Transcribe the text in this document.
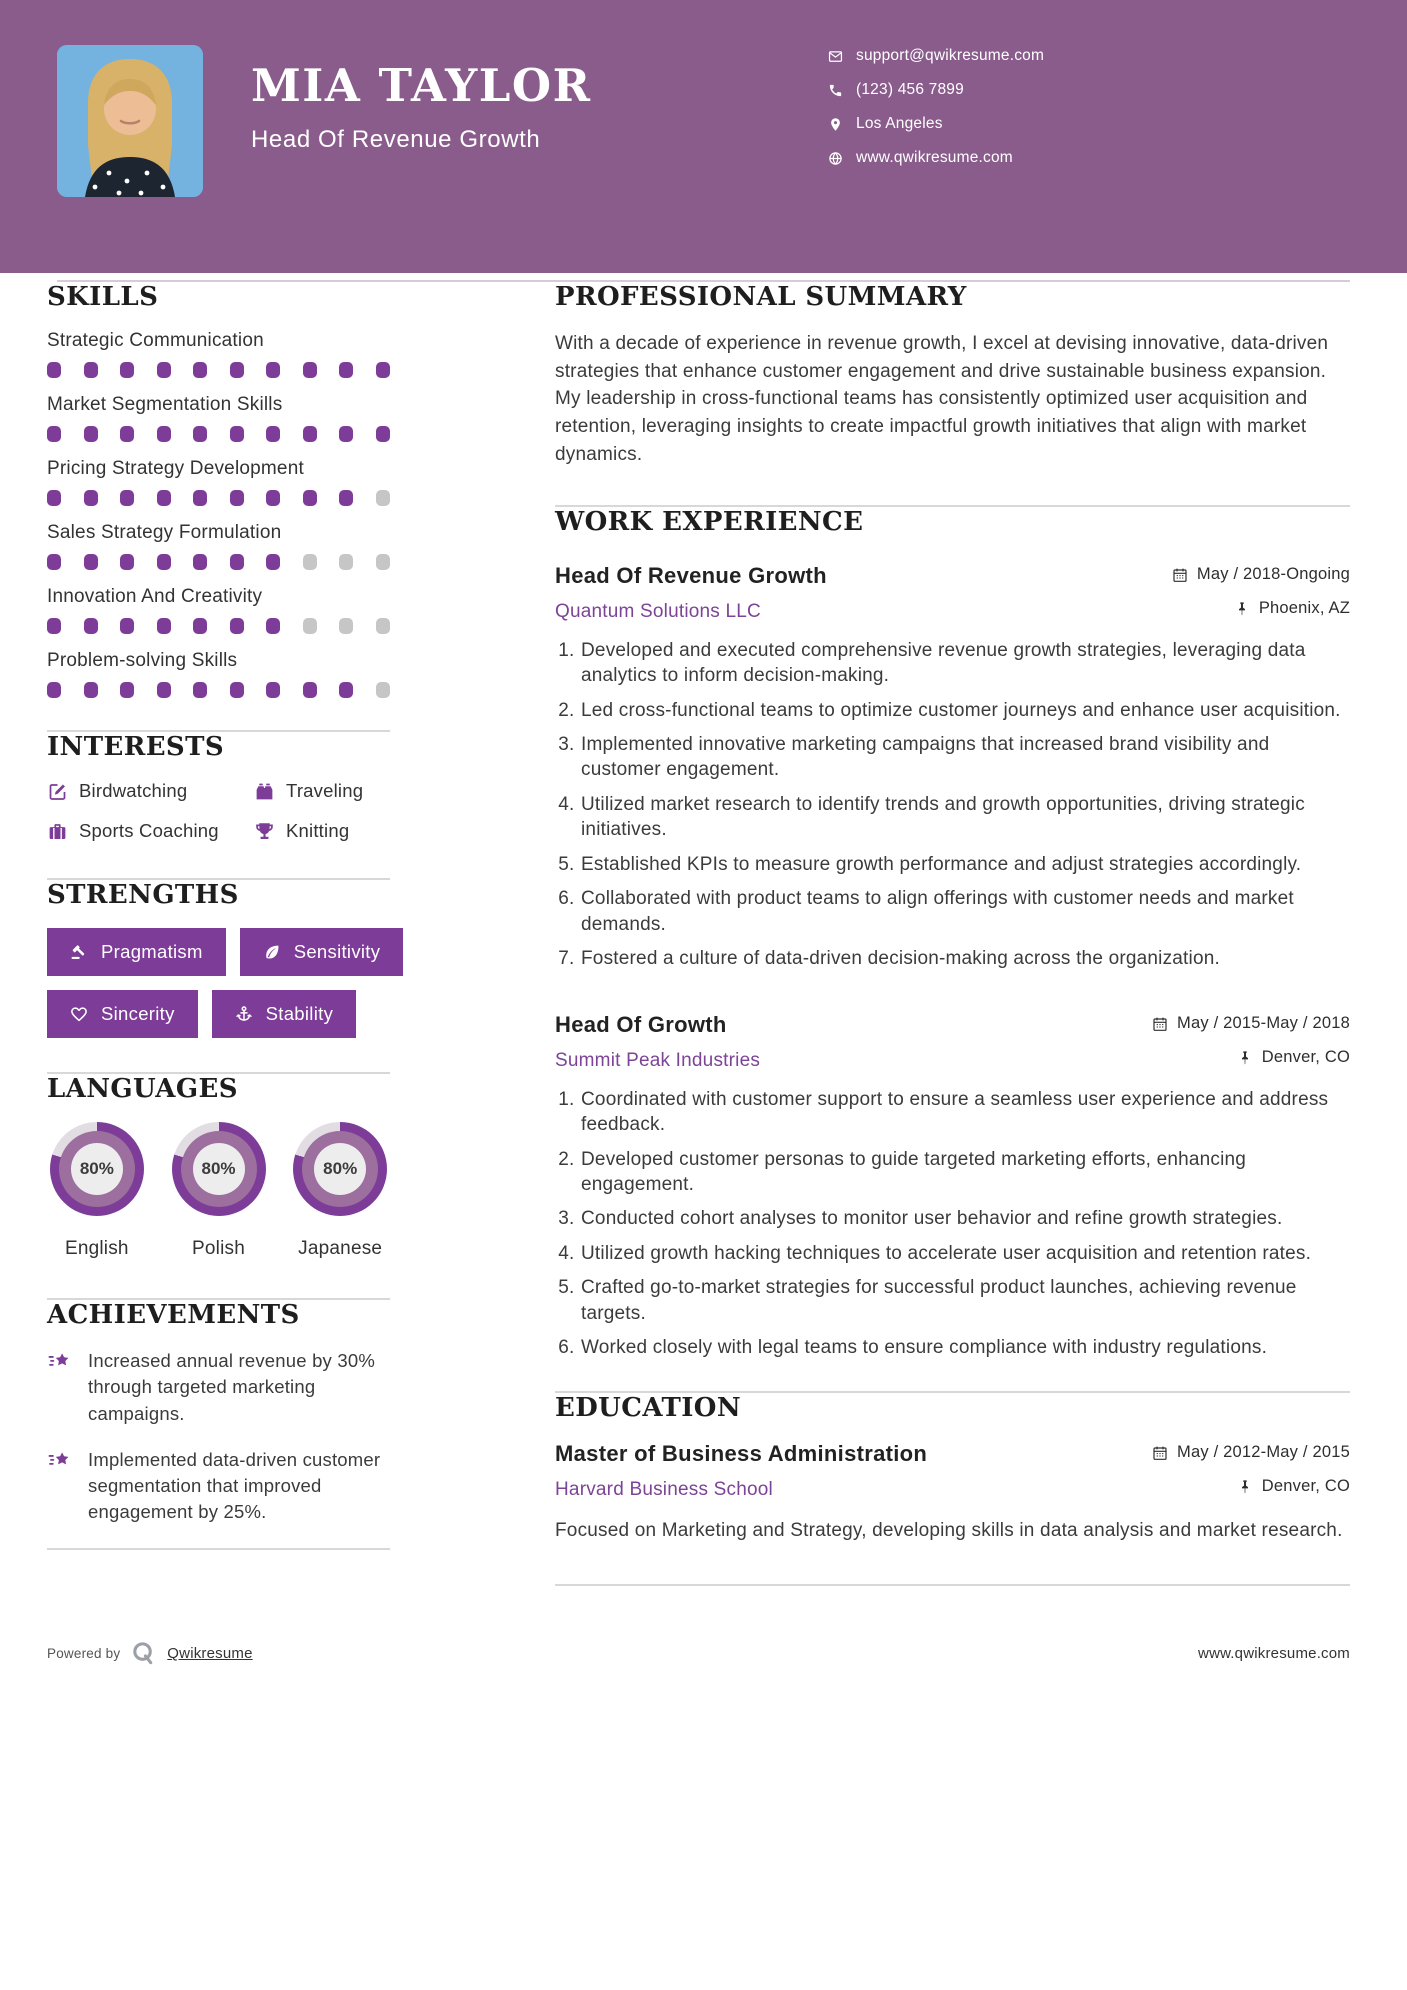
MIA TAYLOR
Head Of Revenue Growth
support@qwikresume.com
(123) 456 7899
Los Angeles
www.qwikresume.com
SKILLS
Strategic Communication
Market Segmentation Skills
Pricing Strategy Development
Sales Strategy Formulation
Innovation And Creativity
Problem-solving Skills
INTERESTS
Birdwatching	Traveling
Sports Coaching	Knitting
STRENGTHS
Pragmatism	Sensitivity
Sincerity	Stability
LANGUAGES
80%
English
80%
Polish
80%
Japanese
ACHIEVEMENTS
Increased annual revenue by 30% through targeted marketing campaigns.
Implemented data-driven customer segmentation that improved engagement by 25%.
PROFESSIONAL SUMMARY

With a decade of experience in revenue growth, I excel at devising innovative, data-driven strategies that enhance customer engagement and drive sustainable business expansion. My leadership in cross-functional teams has consistently optimized user acquisition and retention, leveraging insights to create impactful growth initiatives that align with market dynamics.

WORK EXPERIENCE
Head Of Revenue Growth	May / 2018-Ongoing
Quantum Solutions LLC	Phoenix, AZ
1. Developed and executed comprehensive revenue growth strategies, leveraging data analytics to inform decision-making.
2. Led cross-functional teams to optimize customer journeys and enhance user acquisition.
3. Implemented innovative marketing campaigns that increased brand visibility and customer engagement.
4. Utilized market research to identify trends and growth opportunities, driving strategic initiatives.
5. Established KPIs to measure growth performance and adjust strategies accordingly.
6. Collaborated with product teams to align offerings with customer needs and market demands.
7. Fostered a culture of data-driven decision-making across the organization.
Head Of Growth	May / 2015-May / 2018
Summit Peak Industries	Denver, CO
1. Coordinated with customer support to ensure a seamless user experience and address feedback.
2. Developed customer personas to guide targeted marketing efforts, enhancing engagement.
3. Conducted cohort analyses to monitor user behavior and refine growth strategies.
4. Utilized growth hacking techniques to accelerate user acquisition and retention rates.
5. Crafted go-to-market strategies for successful product launches, achieving revenue targets.
6. Worked closely with legal teams to ensure compliance with industry regulations.
EDUCATION
Master of Business Administration	May / 2012-May / 2015
Harvard Business School	Denver, CO

Focused on Marketing and Strategy, developing skills in data analysis and market research.

Powered by	Qwikresume	www.qwikresume.com
